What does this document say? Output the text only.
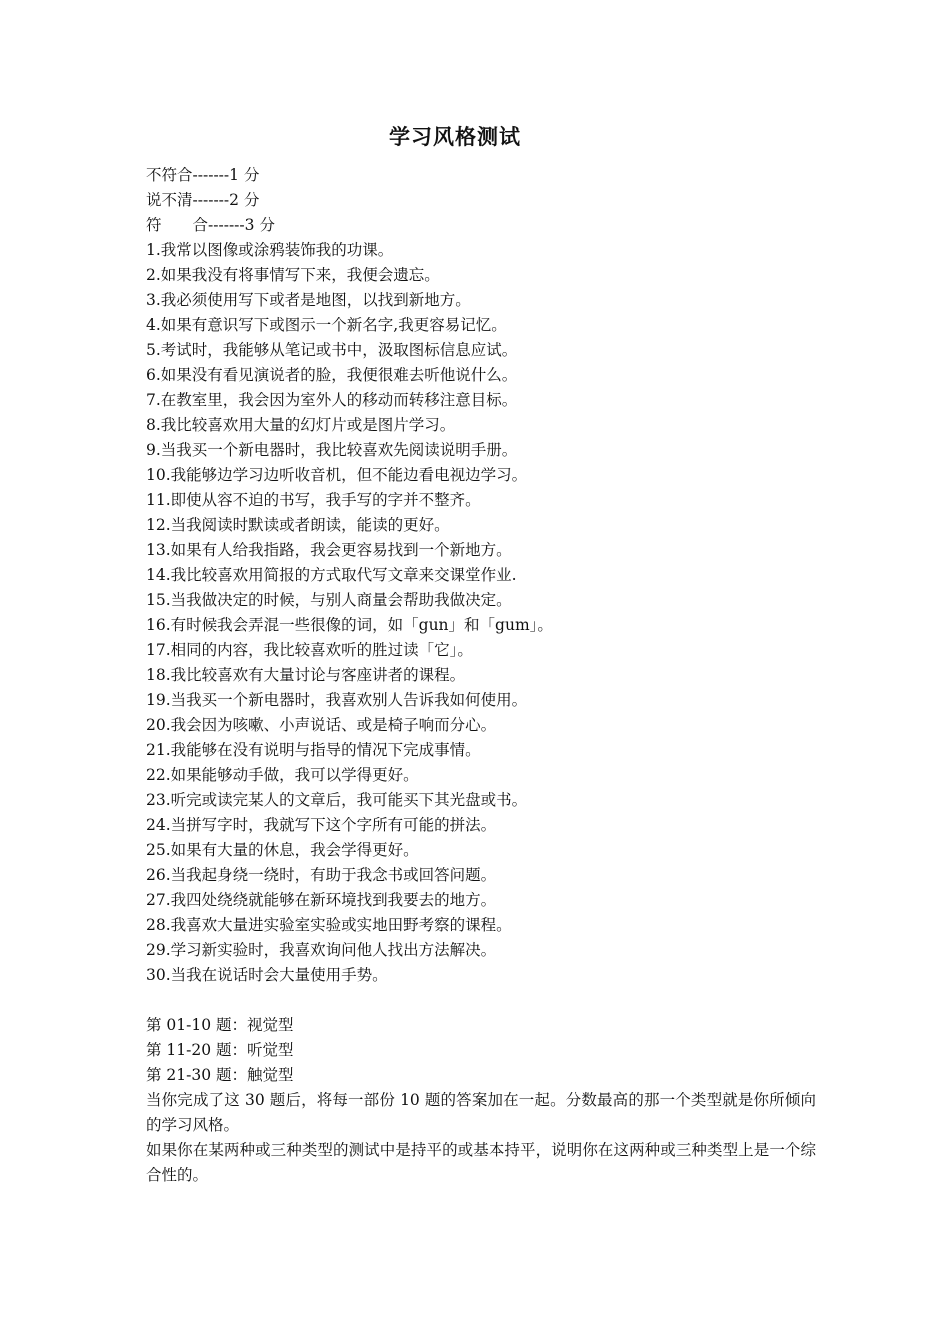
学习风格测试
不符合-------1 分
说不清-------2 分
符　　合-------3 分
1.我常以图像或涂鸦装饰我的功课。
2.如果我没有将事情写下来，我便会遗忘。
3.我必须使用写下或者是地图，以找到新地方。
4.如果有意识写下或图示一个新名字,我更容易记忆。
5.考试时，我能够从笔记或书中，汲取图标信息应试。
6.如果没有看见演说者的脸，我便很难去听他说什么。
7.在教室里，我会因为室外人的移动而转移注意目标。
8.我比较喜欢用大量的幻灯片或是图片学习。
9.当我买一个新电器时，我比较喜欢先阅读说明手册。
10.我能够边学习边听收音机，但不能边看电视边学习。
11.即使从容不迫的书写，我手写的字并不整齐。
12.当我阅读时默读或者朗读，能读的更好。
13.如果有人给我指路，我会更容易找到一个新地方。
14.我比较喜欢用简报的方式取代写文章来交课堂作业.
15.当我做决定的时候，与别人商量会帮助我做决定。
16.有时候我会弄混一些很像的词，如「gun」和「gum」。
17.相同的内容，我比较喜欢听的胜过读「它」。
18.我比较喜欢有大量讨论与客座讲者的课程。
19.当我买一个新电器时，我喜欢别人告诉我如何使用。
20.我会因为咳嗽、小声说话、或是椅子响而分心。
21.我能够在没有说明与指导的情况下完成事情。
22.如果能够动手做，我可以学得更好。
23.听完或读完某人的文章后，我可能买下其光盘或书。
24.当拼写字时，我就写下这个字所有可能的拼法。
25.如果有大量的休息，我会学得更好。
26.当我起身绕一绕时，有助于我念书或回答问题。
27.我四处绕绕就能够在新环境找到我要去的地方。
28.我喜欢大量进实验室实验或实地田野考察的课程。
29.学习新实验时，我喜欢询问他人找出方法解决。
30.当我在说话时会大量使用手势。
第 01-10 题：视觉型
第 11-20 题：听觉型
第 21-30 题：触觉型
当你完成了这 30 题后，将每一部份 10 题的答案加在一起。分数最高的那一个类型就是你所倾向的学习风格。
如果你在某两种或三种类型的测试中是持平的或基本持平，说明你在这两种或三种类型上是一个综合性的。
